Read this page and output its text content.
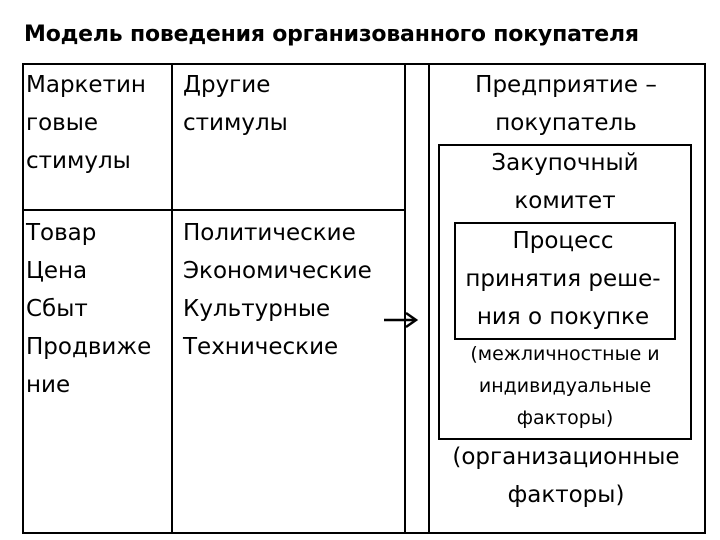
Модель поведения организованного покупателя
Маркетин
говые
стимулы
Товар
Цена
Сбыт
Продвиже
ние
Другие
стимулы
Политические
Экономические
Культурные
Технические
Предприятие –
покупатель
Закупочный
комитет
Процесс
принятия реше-
ния о покупке
(межличностные и
индивидуальные
факторы)
(организационные
факторы)
